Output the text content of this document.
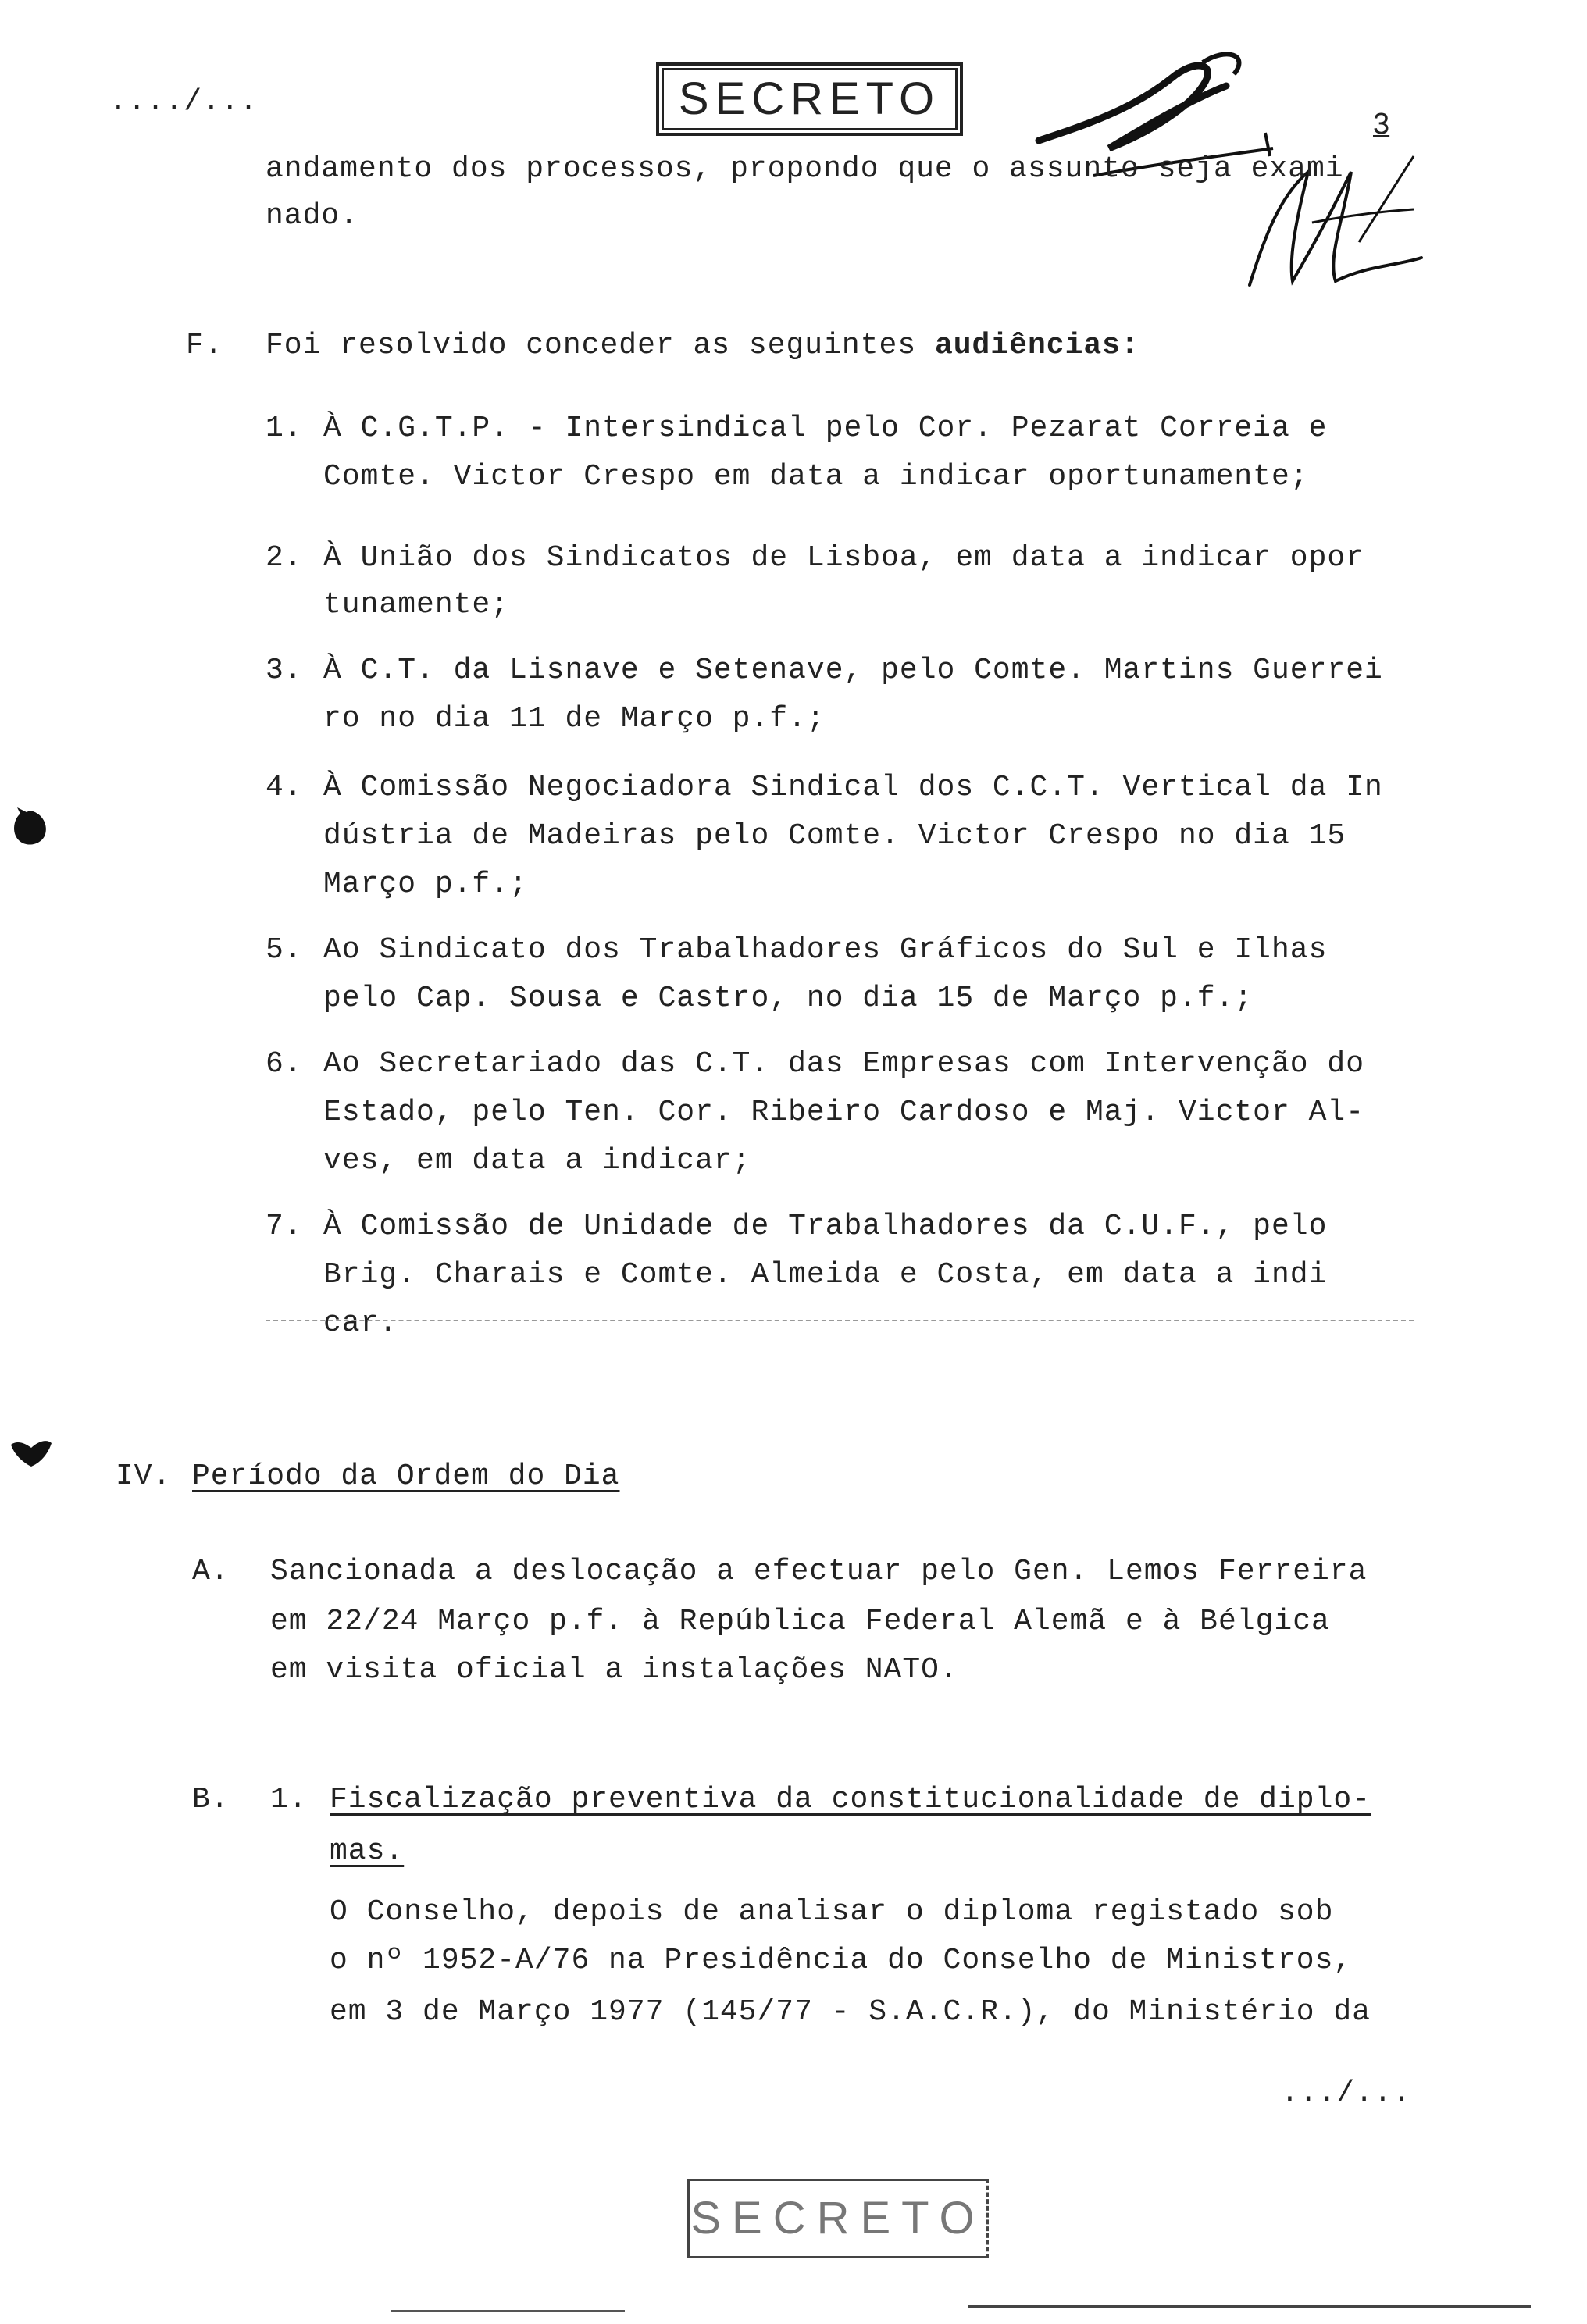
..../...	SECRETO	3
andamento dos processos, propondo que o assunto seja exami
nado.
F. Foi resolvido conceder as seguintes audiências:
1. À C.G.T.P. - Intersindical pelo Cor. Pezarat Correia e
Comte. Victor Crespo em data a indicar oportunamente;
2. À União dos Sindicatos de Lisboa, em data a indicar opor
tunamente;
3. À C.T. da Lisnave e Setenave, pelo Comte. Martins Guerrei
ro no dia 11 de Março p.f.;
4. À Comissão Negociadora Sindical dos C.C.T. Vertical da In
dústria de Madeiras pelo Comte. Victor Crespo no dia 15
Março p.f.;
5. Ao Sindicato dos Trabalhadores Gráficos do Sul e Ilhas
pelo Cap. Sousa e Castro, no dia 15 de Março p.f.;
6. Ao Secretariado das C.T. das Empresas com Intervenção do
Estado, pelo Ten. Cor. Ribeiro Cardoso e Maj. Victor Al-
ves, em data a indicar;
7. À Comissão de Unidade de Trabalhadores da C.U.F., pelo
Brig. Charais e Comte. Almeida e Costa, em data a indi
car.
IV. Período da Ordem do Dia
A. Sancionada a deslocação a efectuar pelo Gen. Lemos Ferreira
em 22/24 Março p.f. à República Federal Alemã e à Bélgica
em visita oficial a instalações NATO.
B. 1. Fiscalização preventiva da constitucionalidade de diplo-
mas.
O Conselho, depois de analisar o diploma registado sob
o nº 1952-A/76 na Presidência do Conselho de Ministros,
em 3 de Março 1977 (145/77 - S.A.C.R.), do Ministério da
.../...
SECRETO
